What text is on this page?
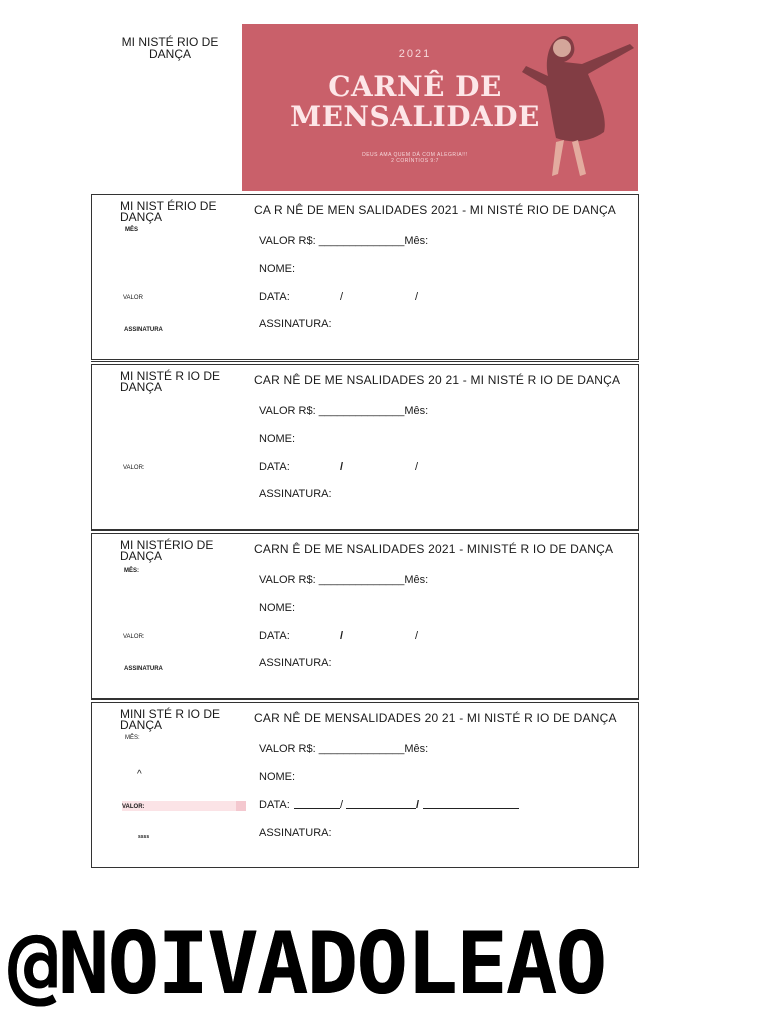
MI NISTÉ RIO DE DANÇA	2021
CARNÊ DE
MENSALIDADE
DEUS AMA QUEM DÁ COM ALEGRIA!!!
2 CORÍNTIOS 9:7
MI NIST ÉRIO DE DANÇA
MÊS
VALOR
ASSINATURA
CA R NÊ DE MEN SALIDADES 2021 - MI NISTÉ RIO DE DANÇA
VALOR R$: ______________Mês:
NOME:
DATA:	/	/
ASSINATURA:
MI NISTÉ R IO DE DANÇA
VALOR:
CAR NÊ DE ME NSALIDADES 20 21 - MI NISTÉ R IO DE DANÇA
VALOR R$: ______________Mês:
NOME:
DATA:	/	/
ASSINATURA:
MI NISTÉRIO DE DANÇA
MÊS:
VALOR:
ASSINATURA
CARN Ê DE ME NSALIDADES 2021 - MINISTÉ R IO DE DANÇA
VALOR R$: ______________Mês:
NOME:
DATA:	/	/
ASSINATURA:
MINI STÉ R IO DE DANÇA
MÊS:
^
VALOR:
ssss
CAR NÊ DE MENSALIDADES 20 21 - MI NISTÉ R IO DE DANÇA
VALOR R$: ______________Mês:
NOME:
DATA:	/	/
ASSINATURA:
@NOIVADOLEAO
